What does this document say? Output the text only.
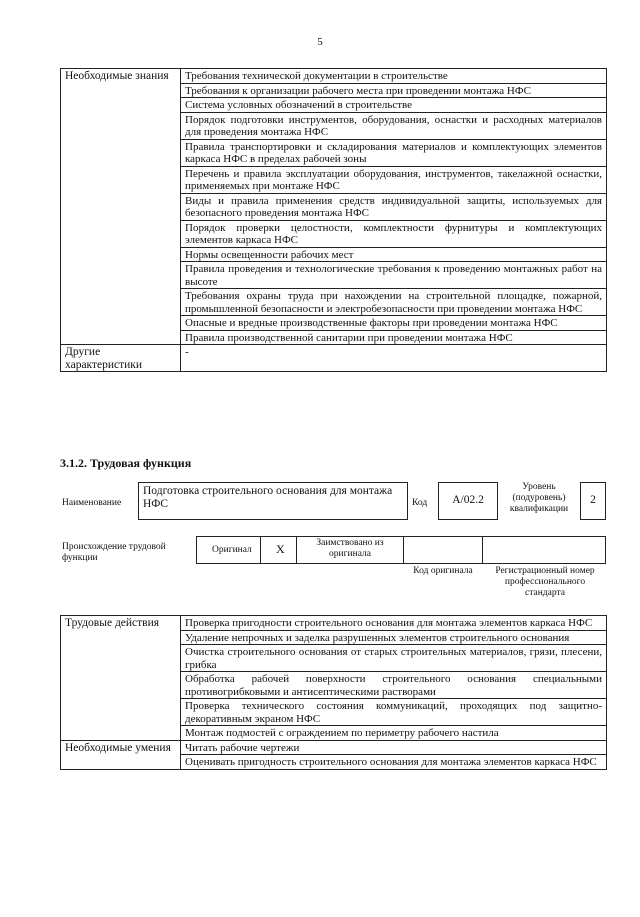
5
Необходимые знания	Требования технической документации в строительстве
	Требования к организации рабочего места при проведении монтажа НФС
	Система условных обозначений в строительстве
	Порядок подготовки инструментов, оборудования, оснастки и расходных материалов для проведения монтажа НФС
	Правила транспортировки и складирования материалов и комплектующих элементов каркаса НФС в пределах рабочей зоны
	Перечень и правила эксплуатации оборудования, инструментов, такелажной оснастки, применяемых при монтаже НФС
	Виды и правила применения средств индивидуальной защиты, используемых для безопасного проведения монтажа НФС
	Порядок проверки целостности, комплектности фурнитуры и комплектующих элементов каркаса НФС
	Нормы освещенности рабочих мест
	Правила проведения и технологические требования к проведению монтажных работ на высоте
	Требования охраны труда при нахождении на строительной площадке, пожарной, промышленной безопасности и электробезопасности при проведении монтажа НФС
	Опасные и вредные производственные факторы при проведении монтажа НФС
	Правила производственной санитарии при проведении монтажа НФС
Другие характеристики	-
3.1.2. Трудовая функция
Наименование
Подготовка строительного основания для монтажа НФС	Код	А/02.2
Уровень (подуровень) квалификации
2
Происхождение трудовой функции
Оригинал X	Заимствовано из оригинала
Код оригинала	Регистрационный номер профессионального стандарта
Трудовые действия	Проверка пригодности строительного основания для монтажа элементов каркаса НФС
	Удаление непрочных и заделка разрушенных элементов строительного основания
	Очистка строительного основания от старых строительных материалов, грязи, плесени, грибка
	Обработка рабочей поверхности строительного основания специальными противогрибковыми и антисептическими растворами
	Проверка технического состояния коммуникаций, проходящих под защитно-декоративным экраном НФС
	Монтаж подмостей с ограждением по периметру рабочего настила
Необходимые умения	Читать рабочие чертежи
	Оценивать пригодность строительного основания для монтажа элементов каркаса НФС
